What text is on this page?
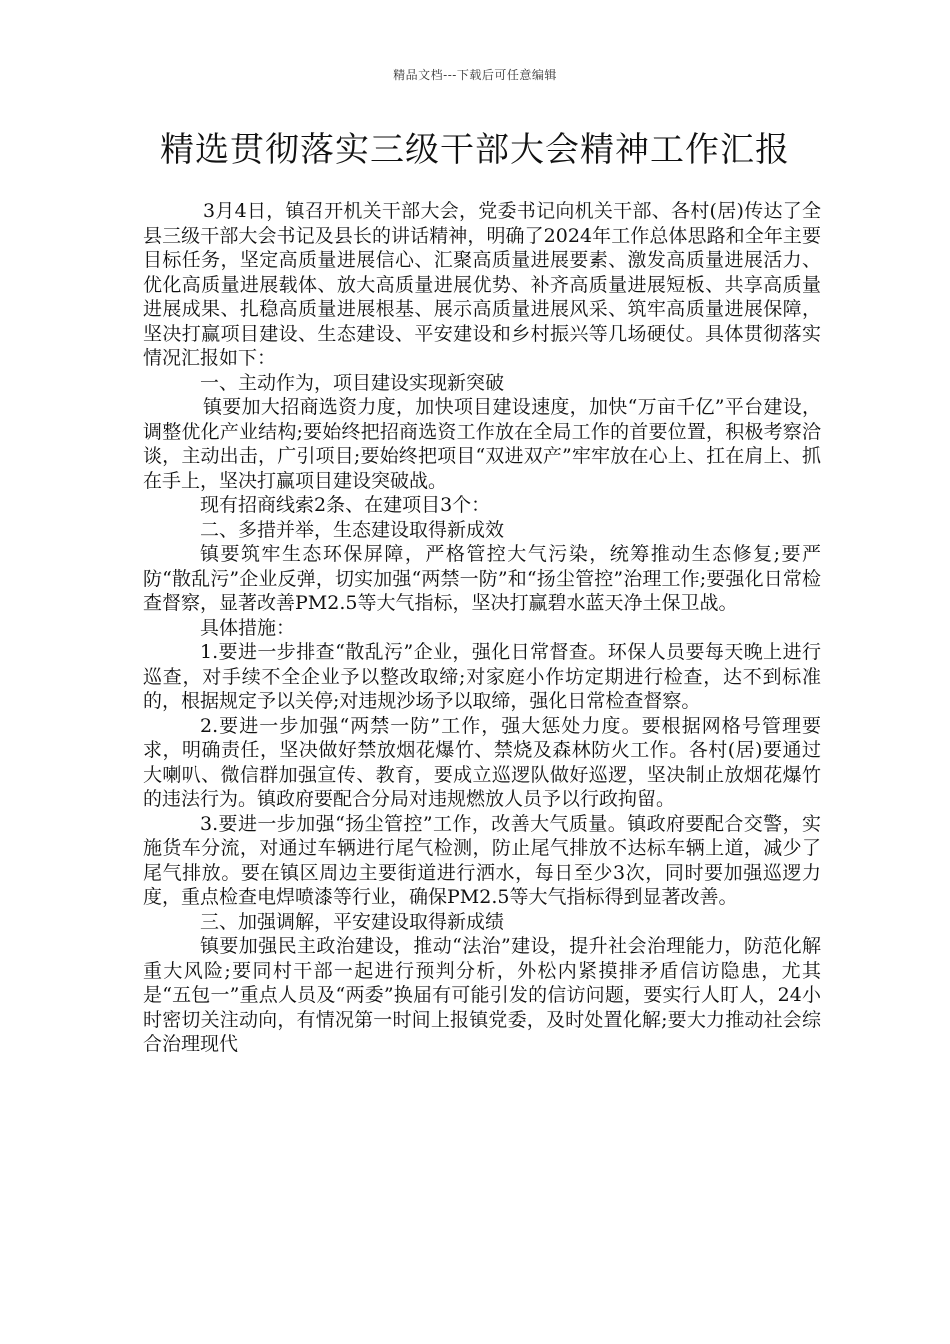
精品文档---下载后可任意编辑
精选贯彻落实三级干部大会精神工作汇报

3月4日，镇召开机关干部大会，党委书记向机关干部、各村(居)传达了全县三级干部大会书记及县长的讲话精神，明确了2024年工作总体思路和全年主要目标任务，坚定高质量进展信心、汇聚高质量进展要素、激发高质量进展活力、优化高质量进展载体、放大高质量进展优势、补齐高质量进展短板、共享高质量进展成果、扎稳高质量进展根基、展示高质量进展风采、筑牢高质量进展保障，坚决打赢项目建设、生态建设、平安建设和乡村振兴等几场硬仗。具体贯彻落实情况汇报如下：

一、主动作为，项目建设实现新突破

镇要加大招商选资力度，加快项目建设速度，加快“万亩千亿”平台建设，调整优化产业结构;要始终把招商选资工作放在全局工作的首要位置，积极考察洽谈，主动出击，广引项目;要始终把项目“双进双产”牢牢放在心上、扛在肩上、抓在手上，坚决打赢项目建设突破战。

现有招商线索2条、在建项目3个：

二、多措并举，生态建设取得新成效

镇要筑牢生态环保屏障，严格管控大气污染，统筹推动生态修复;要严防“散乱污”企业反弹，切实加强“两禁一防”和“扬尘管控”治理工作;要强化日常检查督察，显著改善PM2.5等大气指标，坚决打赢碧水蓝天净土保卫战。

具体措施：

1.要进一步排查“散乱污”企业，强化日常督查。环保人员要每天晚上进行巡查，对手续不全企业予以整改取缔;对家庭小作坊定期进行检查，达不到标准的，根据规定予以关停;对违规沙场予以取缔，强化日常检查督察。

2.要进一步加强“两禁一防”工作，强大惩处力度。要根据网格号管理要求，明确责任，坚决做好禁放烟花爆竹、禁烧及森林防火工作。各村(居)要通过大喇叭、微信群加强宣传、教育，要成立巡逻队做好巡逻，坚决制止放烟花爆竹的违法行为。镇政府要配合分局对违规燃放人员予以行政拘留。

3.要进一步加强“扬尘管控”工作，改善大气质量。镇政府要配合交警，实施货车分流，对通过车辆进行尾气检测，防止尾气排放不达标车辆上道，减少了尾气排放。要在镇区周边主要街道进行洒水，每日至少3次，同时要加强巡逻力度，重点检查电焊喷漆等行业，确保PM2.5等大气指标得到显著改善。

三、加强调解，平安建设取得新成绩

镇要加强民主政治建设，推动“法治”建设，提升社会治理能力，防范化解重大风险;要同村干部一起进行预判分析，外松内紧摸排矛盾信访隐患，尤其是“五包一”重点人员及“两委”换届有可能引发的信访问题，要实行人盯人，24小时密切关注动向，有情况第一时间上报镇党委，及时处置化解;要大力推动社会综合治理现代
